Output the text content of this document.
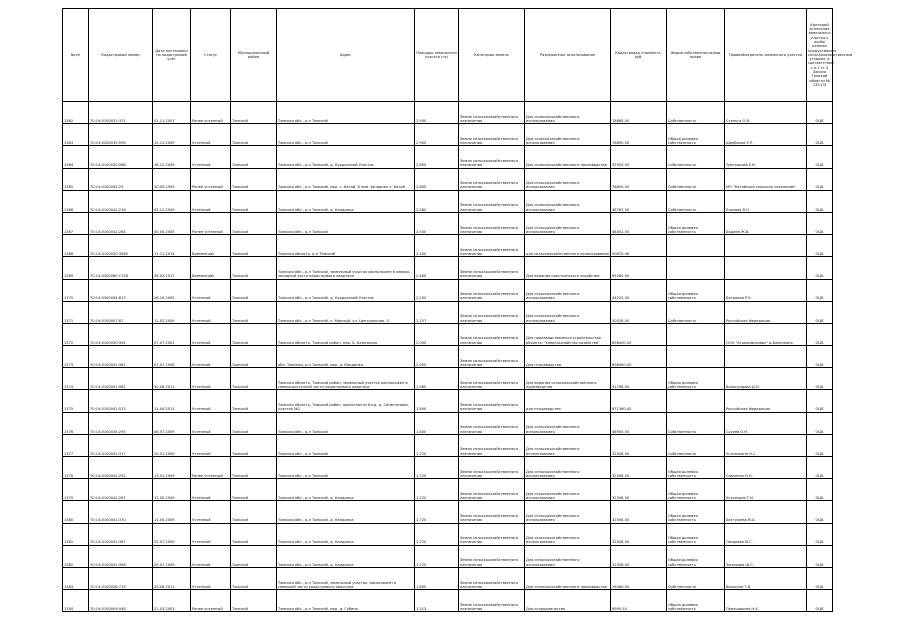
№п/п	Кадастровый номер	Дата постановки на кадастровый учёт	Статус	Муниципальный район	Адрес	Площадь земельного участка (га)	Категория земель	Разрешенное использование	Кадастровая стоимость, руб.	Форма собственности/вид права	Правообладатель земельного участка	Критерий отнесения земельного участка к особо ценным продуктивным сельскохозяйственным угодьям, в соответствии с п.2 ст.3 Закона Томской области № 135-ОЗ
1362	70:14:0100031:371	01.11.2007	Ранее учтенный	Томский	Томская обл., р-н Томский	2,900	Земли сельскохозяйственного назначения	Для сельскохозяйственного использования	78880,00	Собственность	Стеньга О.В.	ОЦБ
1363	70:14:0200035:596	15.12.2009	Учтенный	Томский	Томская обл., р-н Томский	2,900	Земли сельскохозяйственного назначения	Для сельскохозяйственного использования	76690,00	Общая долевая собственность	Щербаков Е.Р.	ОЦБ
1364	70:14:0100030:586	18.12.2009	Учтенный	Томский	Томская обл., р-н Томский, д. Курданский Участок	2,800	Земли сельскохозяйственного назначения	Для сельскохозяйственного производства	52920,00	Собственность	Третьякова Е.В.	ОЦБ
1365	70:14:0100041:25	10.05.2005	Ранее учтенный	Томский	Томская обл., р-н Томский, мкр. с. Катай, 8 кмв. западнее с. Катай	2,800	Земли сельскохозяйственного назначения	Для сельскохозяйственного использования	76850,00	Собственность	МО "Катайское сельское поселение"	ОЦБ
1366	70:14:0100041:216	05.12.2009	Учтенный	Томский	Томская обл., р-н Томский, д. Кандинка	2,580	Земли сельскохозяйственного назначения	Для сельскохозяйственного использования	48762,00	Собственность	Елизова В.Н.	ОЦБ
1367	70:14:0100041:264	30.05.2005	Ранее учтенный	Томский	Томская обл., р-н Томский	2,500	Земли сельскохозяйственного назначения	Для сельскохозяйственного использования	48452,00	Общая долевая собственность	Бадаев Ж.В.	ОЦБ
1368	70:14:0100030:3065	11.11.2014	Временный	Томский	Томская область, р-н Томский	2,400	Земли сельскохозяйственного назначения	для сельскохозяйственного использования	50670,46			ОЦБ
1369	70:14:0300060:1758	28.02.2017	Временный	Томский	Томская обл., р-н Томский, земельный участок расположен в северо-западной части кадастрового квартала	2,400	Земли сельскохозяйственного назначения	Для ведения крестьянского хозяйства	65280,00			ОЦБ
1370	70:14:0300094:813	26.10.2005	Учтенный	Томский	Томская обл., р-н Томский, д. Курданский Участок	2,200	Земли сельскохозяйственного назначения	Для сельскохозяйственного использования	44220,00	Общая долевая собственность	Батраков Р.У.	ОЦБ
1371	70:14:0100007:87	11.02.2009	Учтенный	Томский	Томская обл., р-н Томский, п. Мирный, ул. Центральная, 3	2,157	Земли сельскохозяйственного назначения	Для сельскохозяйственного использования	50028,00	Собственность	Российская Федерация	ОЦБ
1372	70:14:0100030:394	07.07.2002	Учтенный	Томский	Томская область, Томский район, мкр. Б. Березкино	2,000	Земли сельскохозяйственного назначения	Для производственного строительства объекта: "энергохозяйство хозяйства"	896400,00		ООО "Агрохимсервис" д.Березкино	ОЦБ
1373	70:14:0100041:361	07.07.2008	Учтенный	Томский	обл. Томская, р-н Томский, мкр. д. Кандинка	2,000	Земли сельскохозяйственного назначения	Для птицеводства	896400,00			ОЦБ
1374	70:14:0100041:962	30.06.2011	Учтенный	Томский	Томская область, Томский район, земельный участок расположен в северо-восточной части кадастрового квартала	1,960	Земли сельскохозяйственного назначения	Для ведения сельскохозяйственного производства	41766,00	Общая долевая собственность	Виноградова Д.Н.	ОЦБ
1375	70:14:0100041:523	11.04.2013	Учтенный	Томский	Томская область, Томский район, окрестности Кп.д. д. Синеглазово, участок №2	1,800	Земли сельскохозяйственного назначения	для птицеводства	871360,00		Российская Федерация	ОЦБ
1376	70:14:0100035:295	06.07.2009	Учтенный	Томский	Томская обл., р-н Томский	1,800	Земли сельскохозяйственного назначения	Для сельскохозяйственного использования	48900,00	Собственность	Сусеев О.Н.	ОЦБ
1377	70:14:0100041:317	20.01.2009	Учтенный	Томский	Томская обл., р-н Томский	1,720	Земли сельскохозяйственного назначения	Для сельскохозяйственного использования	32508,00	Собственность	Устьянкина Н.С.	ОЦБ
1378	70:14:0100041:252	13.01.2009	Ранее учтенный	Томский	Томская обл., р-н Томский	1,720	Земли сельскохозяйственного назначения	Для сельскохозяйственного использования	32508,00	Общая долевая собственность	Савченко Н.Н.	ОЦБ
1379	70:14:0100041:267	17.05.2009	Учтенный	Томский	Томская обл., р-н Томский, д. Кандинка	1,720	Земли сельскохозяйственного назначения	Для сельскохозяйственного использования	32508,00	Общая долевая собственность	Устьянцев Т.И.	ОЦБ
1380	70:14:0100041:370	11.05.2009	Учтенный	Томский	Томская обл., р-н Томский, д. Кандинка	1,720	Земли сельскохозяйственного назначения	Для сельскохозяйственного использования	32508,00	Общая долевая собственность	Бестужева М.А.	ОЦБ
1381	70:14:0100041:387	22.07.2009	Учтенный	Томский	Томская обл., р-н Томский, д. Кандинка	1,720	Земли сельскохозяйственного назначения	Для сельскохозяйственного использования	32508,00	Общая долевая собственность	Лазарева М.С.	ОЦБ
1382	70:14:0100041:396	29.07.2009	Учтенный	Томский	Томская обл., р-н Томский, д. Кандинка	1,720	Земли сельскохозяйственного назначения	Для сельскохозяйственного использования	32508,00	Общая долевая собственность	Зюзикова Ш.С.	ОЦБ
1383	70:14:0100036:719	23.06.2011	Учтенный	Томский	Томская обл., р-н Томский, земельный участок, расположен в северной части кадастрового квартала	1,800	Земли сельскохозяйственного назначения	Для сельскохозяйственного производства	26460,00	Собственность	Вешнина Т.В.	ОЦБ
1384	70:14:0100009:948	21.03.2003	Ранее учтенный	Томский	Томская обл., р-н Томский, мкр. д. Губино	1,313	Земли сельскохозяйственного назначения	Для огородничества	8995,50	Общая долевая собственность	Панаширина Н.А.	ОЦБ
